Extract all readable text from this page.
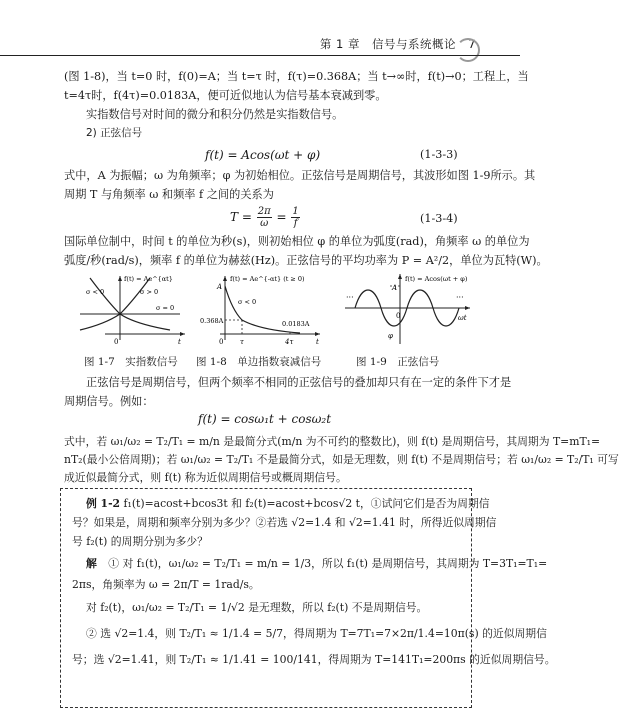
第 1 章　信号与系统概论 7
(图 1-8)，当 t=0 时，f(0)=A；当 t=τ 时，f(τ)=0.368A；当 t→∞时，f(t)→0；工程上，当
t=4τ时，f(4τ)=0.0183A，便可近似地认为信号基本衰减到零。
实指数信号对时间的微分和积分仍然是实指数信号。
2) 正弦信号
f(t) = Acos(ωt + φ)	(1-3-3)
式中，A 为振幅；ω 为角频率；φ 为初始相位。正弦信号是周期信号，其波形如图 1-9所示。其
周期 T 与角频率 ω 和频率 f 之间的关系为
$T = \frac{2\pi}{\omega} = \frac{1}{f}$	(1-3-4)
国际单位制中，时间 t 的单位为秒(s)，则初始相位 φ 的单位为弧度(rad)，角频率 ω 的单位为
弧度/秒(rad/s)，频率 f 的单位为赫兹(Hz)。正弦信号的平均功率为 P = A²/2，单位为瓦特(W)。
f(t) = Ae^{αt}
σ < 0	σ > 0
σ = 0
0	t
f(t) = Ae^{-αt} (t ≥ 0)
A
σ < 0
0.368A	0.0183A
0 τ	4τ	t
f(t) = Acos(ωt + φ)
A
···	···
0
φ
ωt
图 1-7　实指数信号 图 1-8　单边指数衰减信号	图 1-9　正弦信号
正弦信号是周期信号，但两个频率不相同的正弦信号的叠加却只有在一定的条件下才是
周期信号。例如：
f(t) = cosω₁t + cosω₂t
式中，若 ω₁/ω₂ = T₂/T₁ = m/n 是最简分式(m/n 为不可约的整数比)，则 f(t) 是周期信号，其周期为 T=mT₁=
nT₂(最小公倍周期)；若 ω₁/ω₂ = T₂/T₁ 不是最简分式，如是无理数，则 f(t) 不是周期信号；若 ω₁/ω₂ = T₂/T₁ 可写
成近似最简分式，则 f(t) 称为近似周期信号或概周期信号。
例 1-2 f₁(t)=acost+bcos3t 和 f₂(t)=acost+bcos√2 t，①试问它们是否为周期信
号？如果是，周期和频率分别为多少？②若选 √2=1.4 和 √2=1.41 时，所得近似周期信
号 f₂(t) 的周期分别为多少？
解 ① 对 f₁(t)，ω₁/ω₂ = T₂/T₁ = m/n = 1/3，所以 f₁(t) 是周期信号，其周期为 T=3T₁=T₁=
2πs，角频率为 ω = 2π/T = 1rad/s。
对 f₂(t)，ω₁/ω₂ = T₂/T₁ = 1/√2 是无理数，所以 f₂(t) 不是周期信号。
② 选 √2=1.4，则 T₂/T₁ ≈ 1/1.4 = 5/7，得周期为 T=7T₁=7×2π/1.4=10π(s) 的近似周期信
号；选 √2=1.41，则 T₂/T₁ ≈ 1/1.41 = 100/141，得周期为 T=141T₁=200πs 的近似周期信号。
